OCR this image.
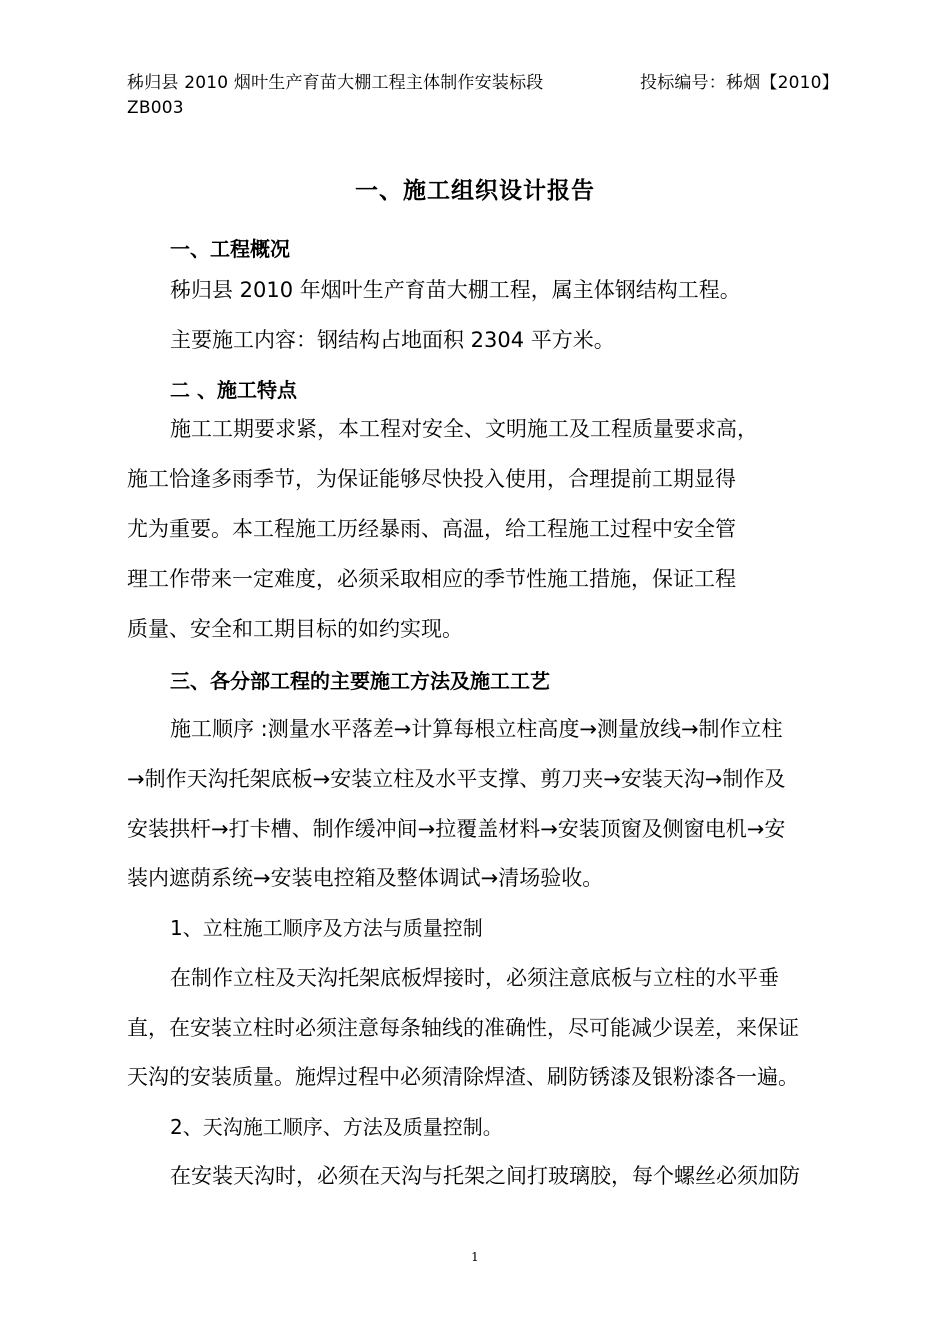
秭归县 2010 烟叶生产育苗大棚工程主体制作安装标段	投标编号：秭烟【2010】
ZB003
一、施工组织设计报告
一、工程概况
秭归县 2010 年烟叶生产育苗大棚工程，属主体钢结构工程。
主要施工内容：钢结构占地面积 2304 平方米。
二 、施工特点
施工工期要求紧，本工程对安全、文明施工及工程质量要求高，
施工恰逢多雨季节，为保证能够尽快投入使用，合理提前工期显得
尤为重要。本工程施工历经暴雨、高温，给工程施工过程中安全管
理工作带来一定难度，必须采取相应的季节性施工措施，保证工程
质量、安全和工期目标的如约实现。
三、各分部工程的主要施工方法及施工工艺
施工顺序 :测量水平落差→计算每根立柱高度→测量放线→制作立柱
→制作天沟托架底板→安装立柱及水平支撑、剪刀夹→安装天沟→制作及
安装拱杆→打卡槽、制作缓冲间→拉覆盖材料→安装顶窗及侧窗电机→安
装内遮荫系统→安装电控箱及整体调试→清场验收。
1、立柱施工顺序及方法与质量控制
在制作立柱及天沟托架底板焊接时，必须注意底板与立柱的水平垂
直，在安装立柱时必须注意每条轴线的准确性，尽可能减少误差，来保证
天沟的安装质量。施焊过程中必须清除焊渣、刷防锈漆及银粉漆各一遍。
2、天沟施工顺序、方法及质量控制。
在安装天沟时，必须在天沟与托架之间打玻璃胶，每个螺丝必须加防
1
